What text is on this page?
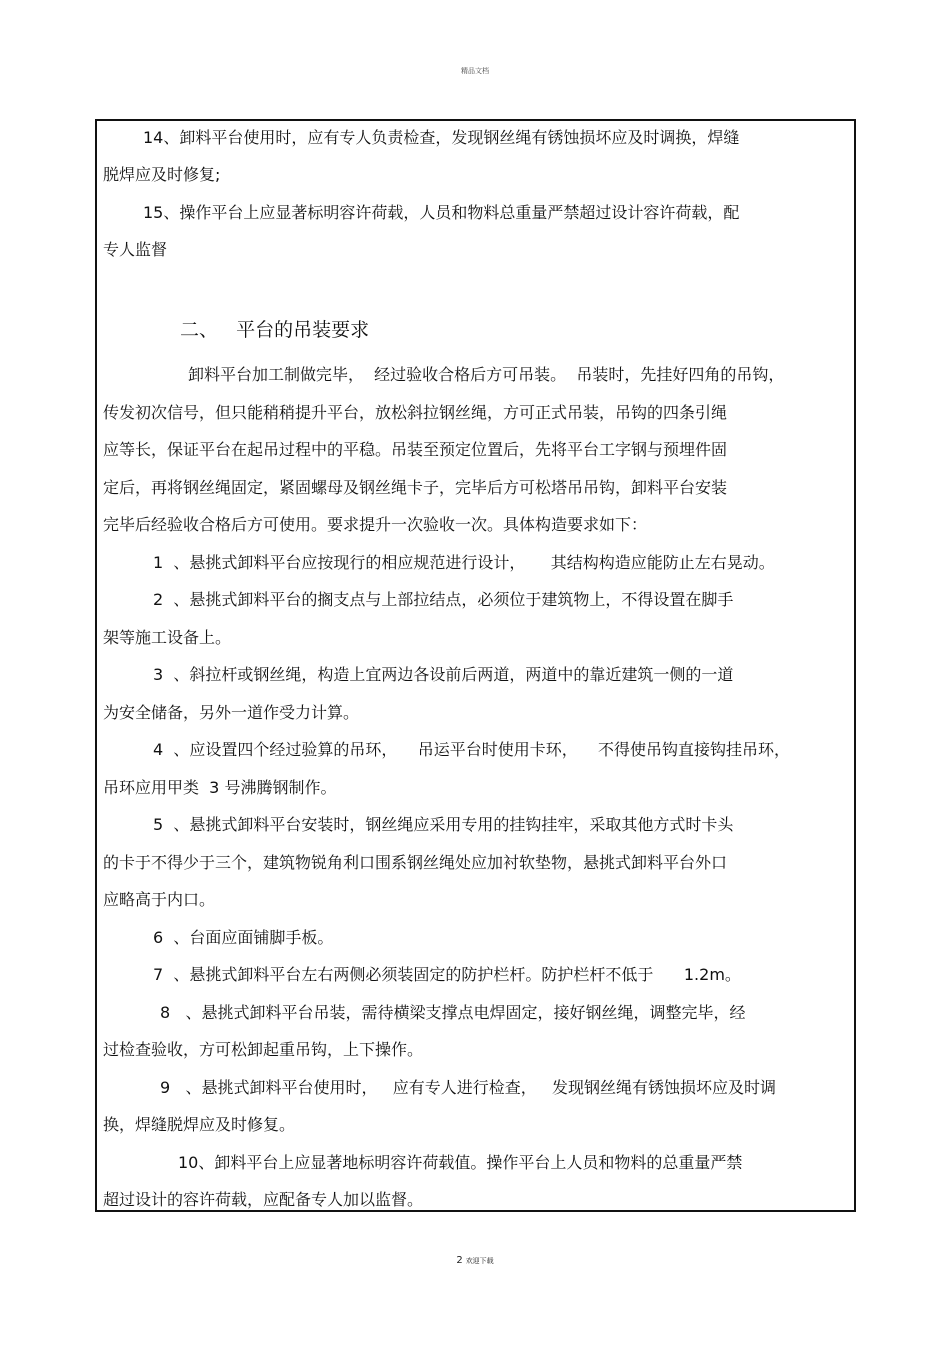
精品文档
14、卸料平台使用时，应有专人负责检查，发现钢丝绳有锈蚀损坏应及时调换，焊缝
脱焊应及时修复;
15、操作平台上应显著标明容许荷载，人员和物料总重量严禁超过设计容许荷载，配
专人监督
二、   平台的吊装要求
卸料平台加工制做完毕，  经过验收合格后方可吊装。  吊装时，先挂好四角的吊钩，
传发初次信号，但只能稍稍提升平台，放松斜拉钢丝绳，方可正式吊装，吊钩的四条引绳
应等长，保证平台在起吊过程中的平稳。吊装至预定位置后，先将平台工字钢与预埋件固
定后，再将钢丝绳固定，紧固螺母及钢丝绳卡子，完毕后方可松塔吊吊钩，卸料平台安装
完毕后经验收合格后方可使用。要求提升一次验收一次。具体构造要求如下：
1  、悬挑式卸料平台应按现行的相应规范进行设计，     其结构构造应能防止左右晃动。
2  、悬挑式卸料平台的搁支点与上部拉结点，必须位于建筑物上，不得设置在脚手
架等施工设备上。
3  、斜拉杆或钢丝绳，构造上宜两边各设前后两道，两道中的靠近建筑一侧的一道
为安全储备，另外一道作受力计算。
4  、应设置四个经过验算的吊环，    吊运平台时使用卡环，    不得使吊钩直接钩挂吊环，
吊环应用甲类  3 号沸腾钢制作。
5  、悬挑式卸料平台安装时，钢丝绳应采用专用的挂钩挂牢，采取其他方式时卡头
的卡于不得少于三个，建筑物锐角利口围系钢丝绳处应加衬软垫物，悬挑式卸料平台外口
应略高于内口。
6  、台面应面铺脚手板。
7  、悬挑式卸料平台左右两侧必须装固定的防护栏杆。防护栏杆不低于      1.2m。
8   、悬挑式卸料平台吊装，需待横梁支撑点电焊固定，接好钢丝绳，调整完毕，经
过检查验收，方可松卸起重吊钩，上下操作。
9   、悬挑式卸料平台使用时，   应有专人进行检查，   发现钢丝绳有锈蚀损坏应及时调
换，焊缝脱焊应及时修复。
10、卸料平台上应显著地标明容许荷载值。操作平台上人员和物料的总重量严禁
超过设计的容许荷载，应配备专人加以监督。
2 欢迎下载
